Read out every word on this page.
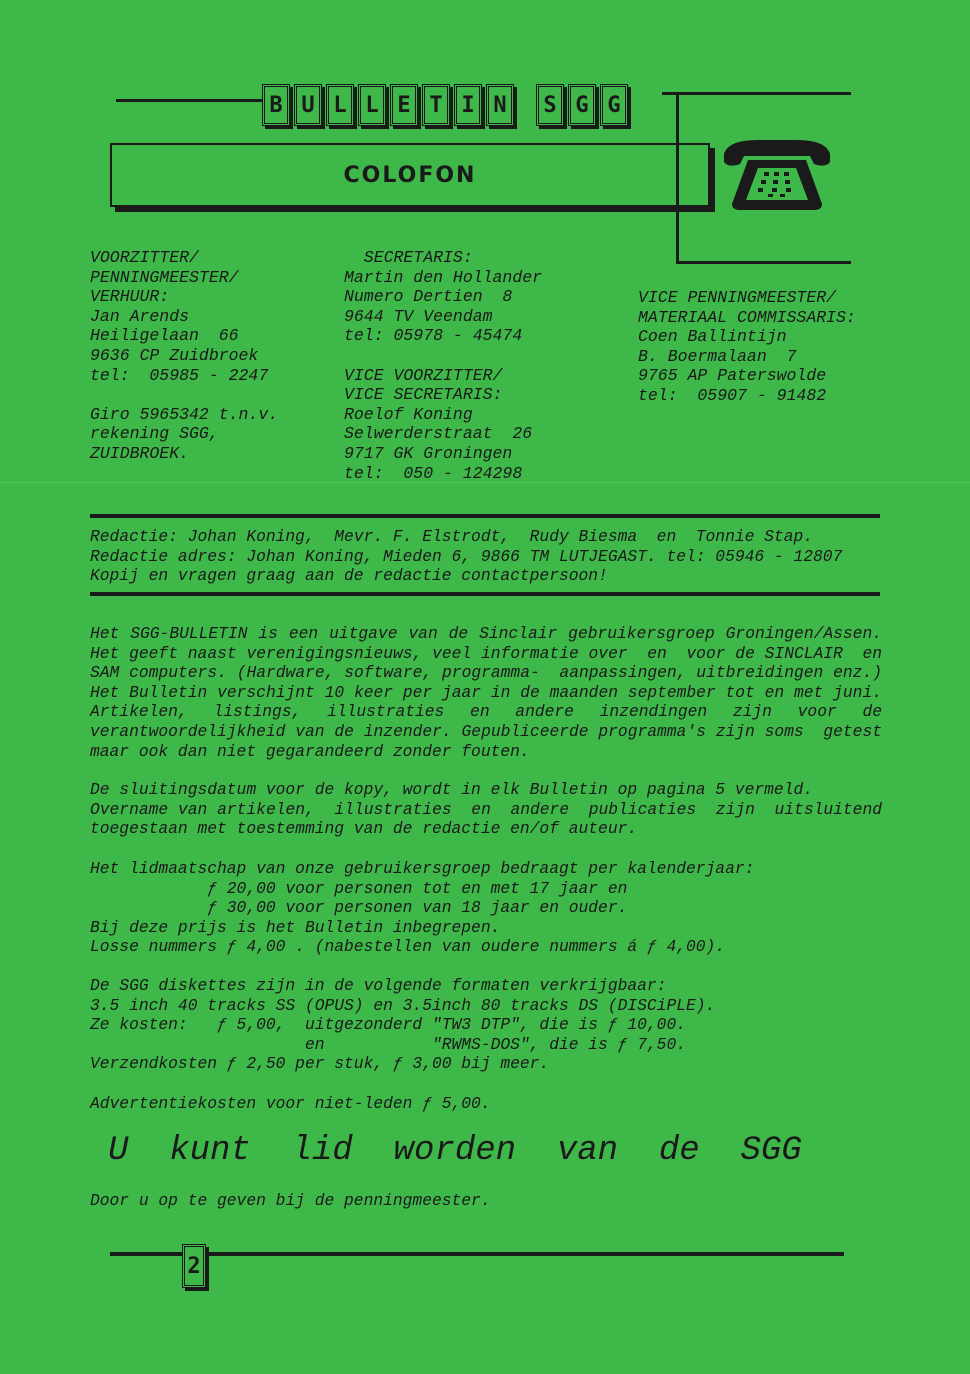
B U L L E T I N	S G G
COLOFON
VOORZITTER/
PENNINGMEESTER/
VERHUUR:
Jan Arends
Heiligelaan  66
9636 CP Zuidbroek
tel:  05985 - 2247
Giro 5965342 t.n.v.
rekening SGG,
ZUIDBROEK.
SECRETARIS:
Martin den Hollander
Numero Dertien  8
9644 TV Veendam
tel: 05978 - 45474
VICE VOORZITTER/
VICE SECRETARIS:
Roelof Koning
Selwerderstraat  26
9717 GK Groningen
tel:  050 - 124298
VICE PENNINGMEESTER/
MATERIAAL COMMISSARIS:
Coen Ballintijn
B. Boermalaan  7
9765 AP Paterswolde
tel:  05907 - 91482
Redactie: Johan Koning,  Mevr. F. Elstrodt,  Rudy Biesma  en  Tonnie Stap.
Redactie adres: Johan Koning, Mieden 6, 9866 TM LUTJEGAST. tel: 05946 - 12807
Kopij en vragen graag aan de redactie contactpersoon!
Het SGG-BULLETIN is een uitgave van de Sinclair gebruikersgroep Groningen/Assen.
Het geeft naast verenigingsnieuws, veel informatie over  en  voor de SINCLAIR  en
SAM computers. (Hardware, software, programma-  aanpassingen, uitbreidingen enz.)
Het Bulletin verschijnt 10 keer per jaar in de maanden september tot en met juni.
Artikelen,  listings,  illustraties  en  andere  inzendingen  zijn  voor  de
verantwoordelijkheid van de inzender. Gepubliceerde programma's zijn soms  getest
maar ook dan niet gegarandeerd zonder fouten.
De sluitingsdatum voor de kopy, wordt in elk Bulletin op pagina 5 vermeld.
Overname van artikelen,  illustraties  en  andere  publicaties  zijn  uitsluitend
toegestaan met toestemming van de redactie en/of auteur.
Het lidmaatschap van onze gebruikersgroep bedraagt per kalenderjaar:
ƒ 20,00 voor personen tot en met 17 jaar en
ƒ 30,00 voor personen van 18 jaar en ouder.
Bij deze prijs is het Bulletin inbegrepen.
Losse nummers ƒ 4,00 . (nabestellen van oudere nummers á ƒ 4,00).
De SGG diskettes zijn in de volgende formaten verkrijgbaar:
3.5 inch 40 tracks SS (OPUS) en 3.5inch 80 tracks DS (DISCiPLE).
Ze kosten:   ƒ 5,00,  uitgezonderd "TW3 DTP", die is ƒ 10,00.
en           "RWMS-DOS", die is ƒ 7,50.
Verzendkosten ƒ 2,50 per stuk, ƒ 3,00 bij meer.
Advertentiekosten voor niet-leden ƒ 5,00.
U  kunt  lid  worden  van  de  SGG
Door u op te geven bij de penningmeester.
2
